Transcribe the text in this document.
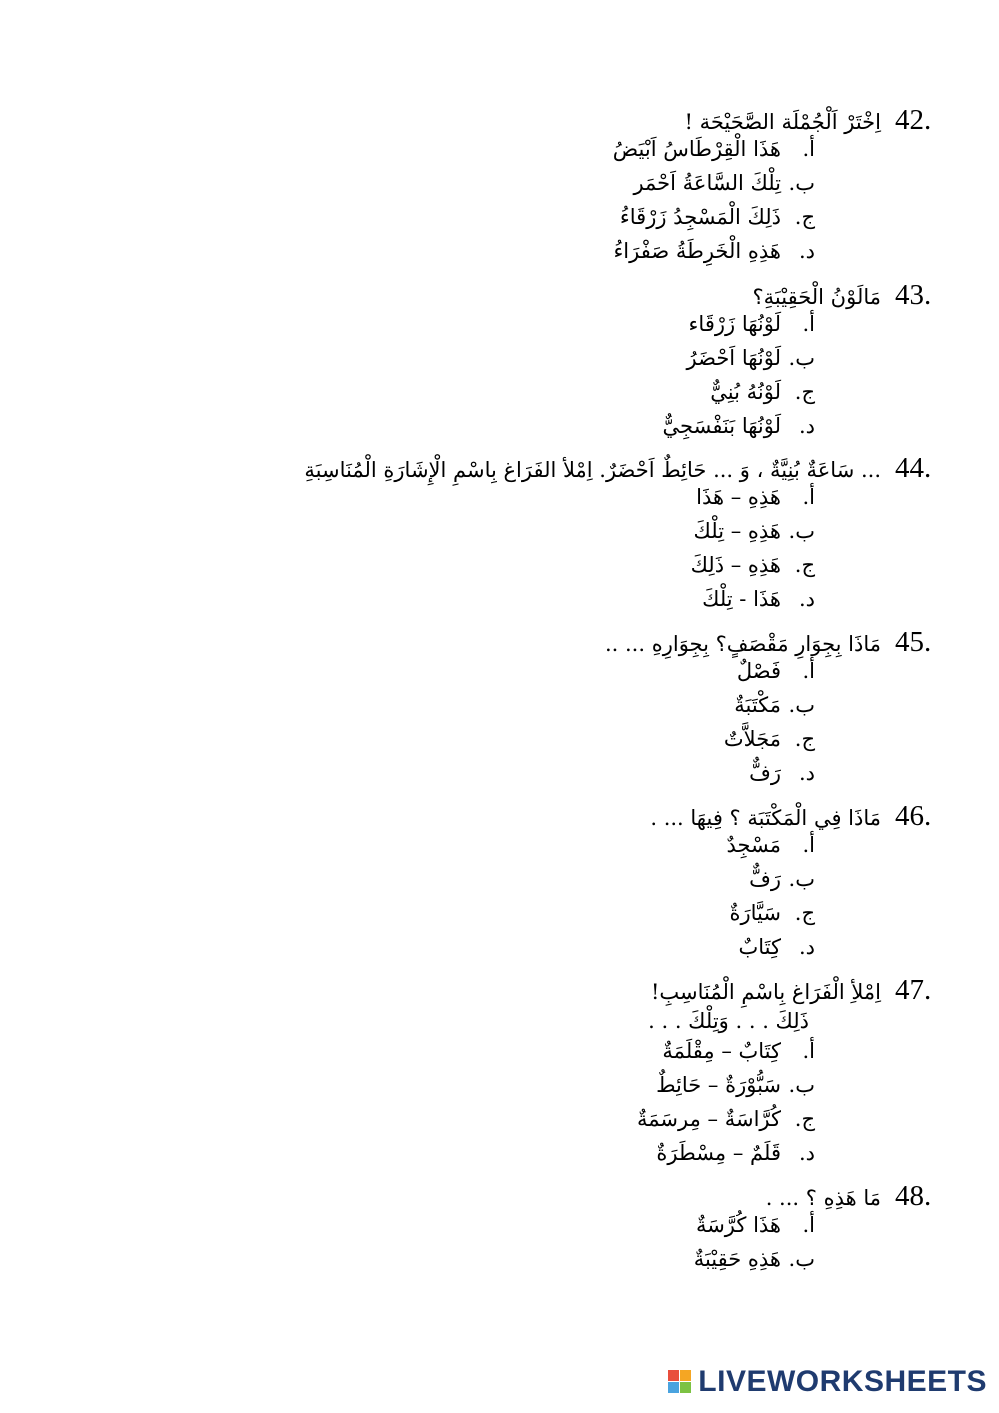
42.
اِخْتَرْ اَلْجُمْلَة الصَّحَيْحَة !
أ.
هَذَا الْقِرْطَاسُ اَبْيَضُ
ب.
تِلْكَ السَّاعَةُ اَحْمَر
ج.
ذَلِكَ الْمَسْجِدُ زَرْقَاءُ
د.
هَذِهِ الْخَرِطَةُ صَفْرَاءُ
43.
مَالَوْنُ الْحَقِيْبَةِ؟
أ.
لَوْنُهَا زَرْقَاء
ب.
لَوْنُهَا اَحْضَرُ
ج.
لَوْنُهُ بُنِيٌّ
د.
لَوْنُهَا بَنَفْسَجِيٌّ
44.
... سَاعَةٌ بُنِيَّةٌ ، وَ ... حَائِطٌ اَحْضَرٌ. اِمْلأ الفَرَاغ بِاسْمِ الْإِشَارَةِ الْمُنَاسِبَةِ
أ.
هَذِهِ – هَذَا
ب.
هَذِهِ – تِلْكَ
ج.
هَذِهِ – ذَلِكَ
د.
هَذَا - تِلْكَ
45.
مَاذَا بِجِوَارِ مَقْصَفٍ؟ بِجِوَارِهِ ... ..
أ.
فَصْلٌ
ب.
مَكْتَبَةٌ
ج.
مَجَلاَّتٌ
د.
رَفٌّ
46.
مَاذَا فِي الْمَكْتَبَة ؟ فِيهَا ... .
أ.
مَسْجِدٌ
ب.
رَفٌّ
ج.
سَيَّارَةٌ
د.
كِتَابٌ
47.
اِمْلأِ الْفَرَاغ بِاسْمِ الْمُنَاسِبِ!
ذَلِكَ . . . وَتِلْكَ . . .
أ.
كِتَابٌ – مِقْلَمَةٌ
ب.
سَبُّوْرَةٌ – حَائِطٌ
ج.
كُرَّاسَةٌ – مِرسَمَةٌ
د.
قَلَمٌ – مِسْطَرَةٌ
48.
مَا هَذِهِ ؟ ... .
أ.
هَذَا كُرَّسَةٌ
ب.
هَذِهِ حَقِيْبَةٌ
LIVEWORKSHEETS
